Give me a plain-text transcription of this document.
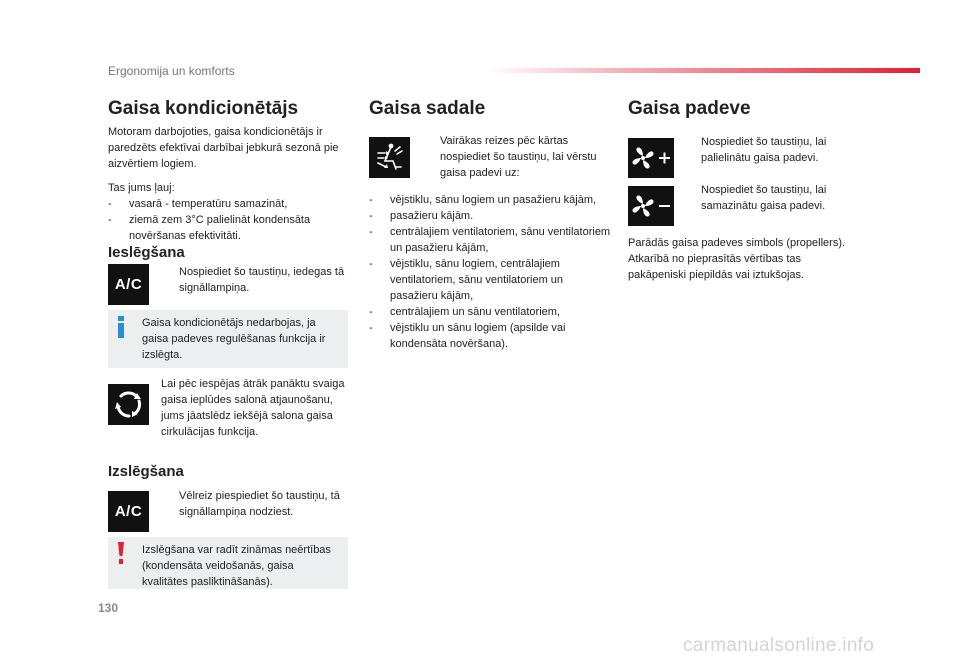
Ergonomija un komforts
Gaisa kondicionētājs
Motoram darbojoties, gaisa kondicionētājs ir paredzēts efektīvai darbībai jebkurā sezonā pie aizvērtiem logiem.
Tas jums ļauj:
- vasarā - temperatūru samazināt,
- ziemā zem 3°C palielināt kondensāta novēršanas efektivitāti.
Ieslēgšana
A/C
Nospiediet šo taustiņu, iedegas tā signāllampiņa.
Gaisa kondicionētājs nedarbojas, ja gaisa padeves regulēšanas funkcija ir izslēgta.
Lai pēc iespējas ātrāk panāktu svaiga gaisa ieplūdes salonā atjaunošanu, jums jāatslēdz iekšējā salona gaisa cirkulācijas funkcija.
Izslēgšana
A/C
Vēlreiz piespiediet šo taustiņu, tā signāllampiņa nodziest.
Izslēgšana var radīt zināmas neērtības (kondensāta veidošanās, gaisa kvalitātes pasliktināšanās).
Gaisa sadale
Vairākas reizes pēc kārtas nospiediet šo taustiņu, lai vērstu gaisa padevi uz:
- vējstiklu, sānu logiem un pasažieru kājām,
- pasažieru kājām.
- centrālajiem ventilatoriem, sānu ventilatoriem un pasažieru kājām,
- vējstiklu, sānu logiem, centrālajiem ventilatoriem, sānu ventilatoriem un pasažieru kājām,
- centrālajiem un sānu ventilatoriem,
- vējstiklu un sānu logiem (apsilde vai kondensāta novēršana).
Gaisa padeve
Nospiediet šo taustiņu, lai palielinātu gaisa padevi.
Nospiediet šo taustiņu, lai samazinātu gaisa padevi.
Parādās gaisa padeves simbols (propellers). Atkarībā no pieprasītās vērtības tas pakāpeniski piepildās vai iztukšojas.
130
carmanualsonline.info
